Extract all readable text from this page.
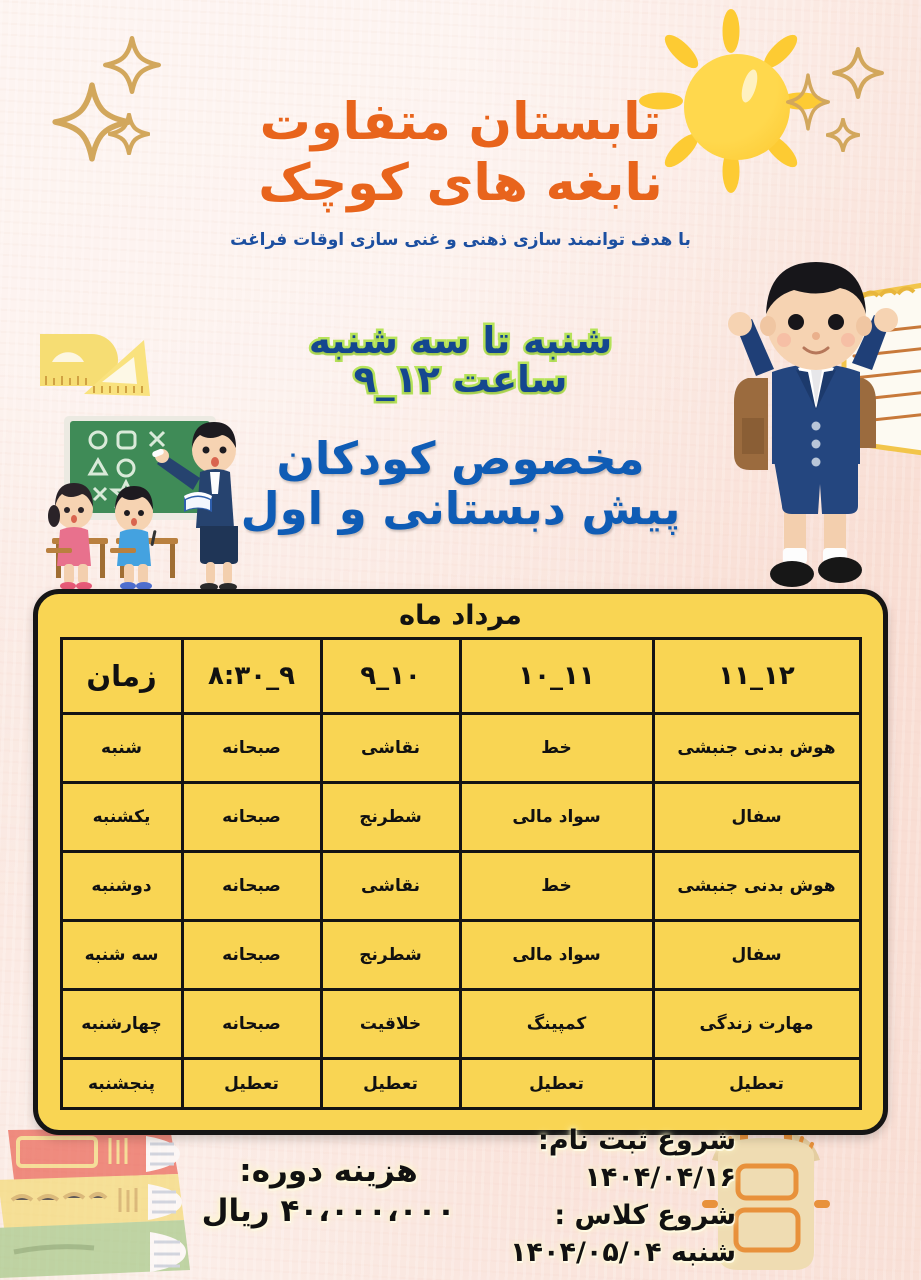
تابستان متفاوت
نابغه های کوچک
با هدف توانمند سازی ذهنی و غنی سازی اوقات فراغت
شنبه تا سه شنبه
ساعت ۱۲_۹
مخصوص کودکان
پیش دبستانی و اول
مرداد ماه
۱۲_۱۱	۱۱_۱۰	۱۰_۹	۹_۸:۳۰	زمان
هوش بدنی جنبشی	خط	نقاشی	صبحانه	شنبه
سفال	سواد مالی	شطرنج	صبحانه	یکشنبه
هوش بدنی جنبشی	خط	نقاشی	صبحانه	دوشنبه
سفال	سواد مالی	شطرنج	صبحانه	سه شنبه
مهارت زندگی	کمپینگ	خلاقیت	صبحانه	چهارشنبه
تعطیل	تعطیل	تعطیل	تعطیل	پنجشنبه
هزینه دوره:
۴۰،۰۰۰،۰۰۰ ریال
شروع ثبت نام:
۱۴۰۴/۰۴/۱۶
شروع کلاس :
شنبه ۱۴۰۴/۰۵/۰۴
